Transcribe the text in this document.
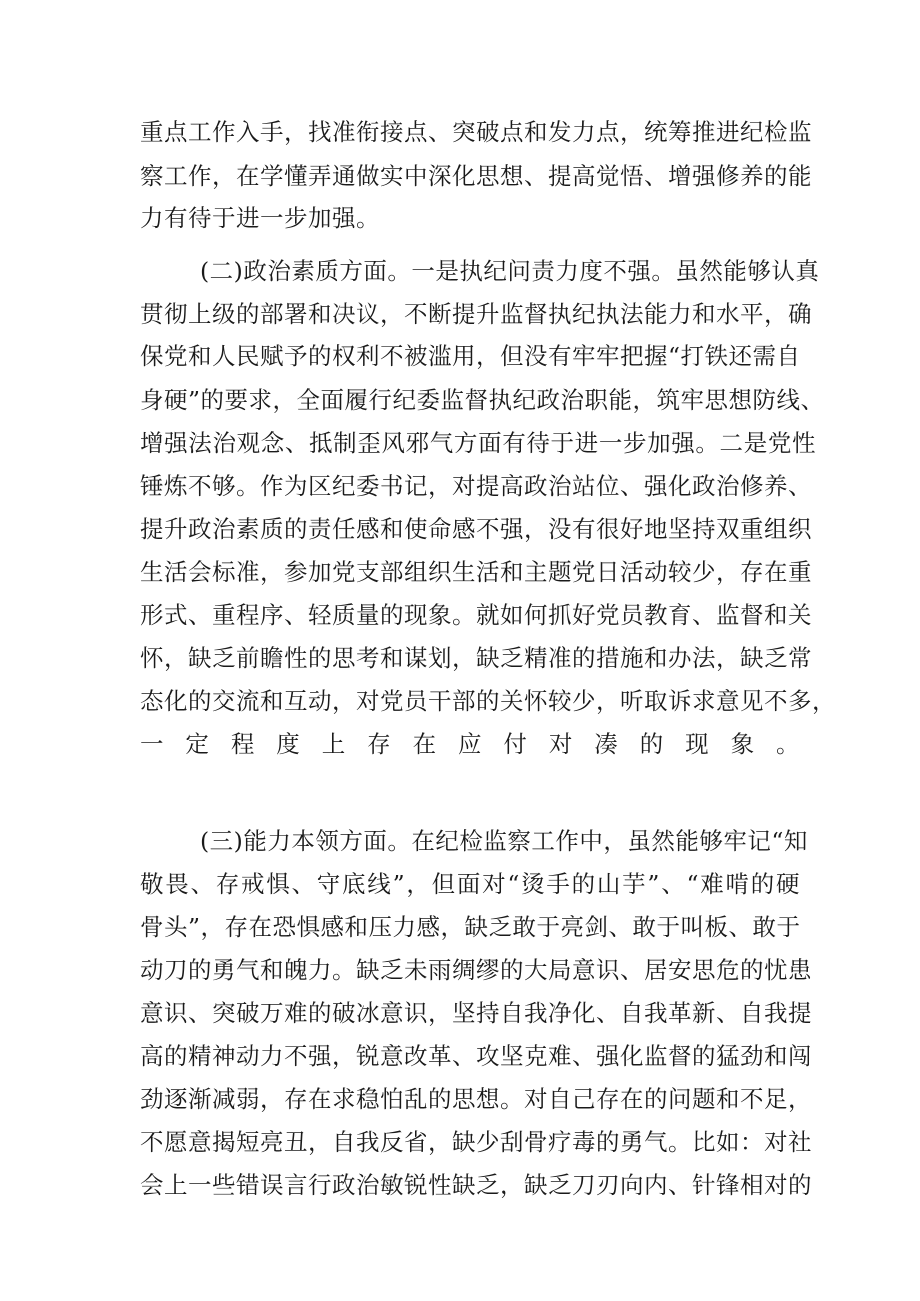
重点工作入手，找准衔接点、突破点和发力点，统筹推进纪检监
察工作，在学懂弄通做实中深化思想、提高觉悟、增强修养的能
力有待于进一步加强。
(二)政治素质方面。一是执纪问责力度不强。虽然能够认真
贯彻上级的部署和决议，不断提升监督执纪执法能力和水平，确
保党和人民赋予的权利不被滥用，但没有牢牢把握“打铁还需自
身硬”的要求，全面履行纪委监督执纪政治职能，筑牢思想防线、
增强法治观念、抵制歪风邪气方面有待于进一步加强。二是党性
锤炼不够。作为区纪委书记，对提高政治站位、强化政治修养、
提升政治素质的责任感和使命感不强，没有很好地坚持双重组织
生活会标准，参加党支部组织生活和主题党日活动较少，存在重
形式、重程序、轻质量的现象。就如何抓好党员教育、监督和关
怀，缺乏前瞻性的思考和谋划，缺乏精准的措施和办法，缺乏常
态化的交流和互动，对党员干部的关怀较少，听取诉求意见不多，
一定程度上存在应付对凑的现象。
(三)能力本领方面。在纪检监察工作中，虽然能够牢记“知
敬畏、存戒惧、守底线”，但面对“烫手的山芋”、“难啃的硬
骨头”，存在恐惧感和压力感，缺乏敢于亮剑、敢于叫板、敢于
动刀的勇气和魄力。缺乏未雨绸缪的大局意识、居安思危的忧患
意识、突破万难的破冰意识，坚持自我净化、自我革新、自我提
高的精神动力不强，锐意改革、攻坚克难、强化监督的猛劲和闯
劲逐渐减弱，存在求稳怕乱的思想。对自己存在的问题和不足，
不愿意揭短亮丑，自我反省，缺少刮骨疗毒的勇气。比如：对社
会上一些错误言行政治敏锐性缺乏，缺乏刀刃向内、针锋相对的
